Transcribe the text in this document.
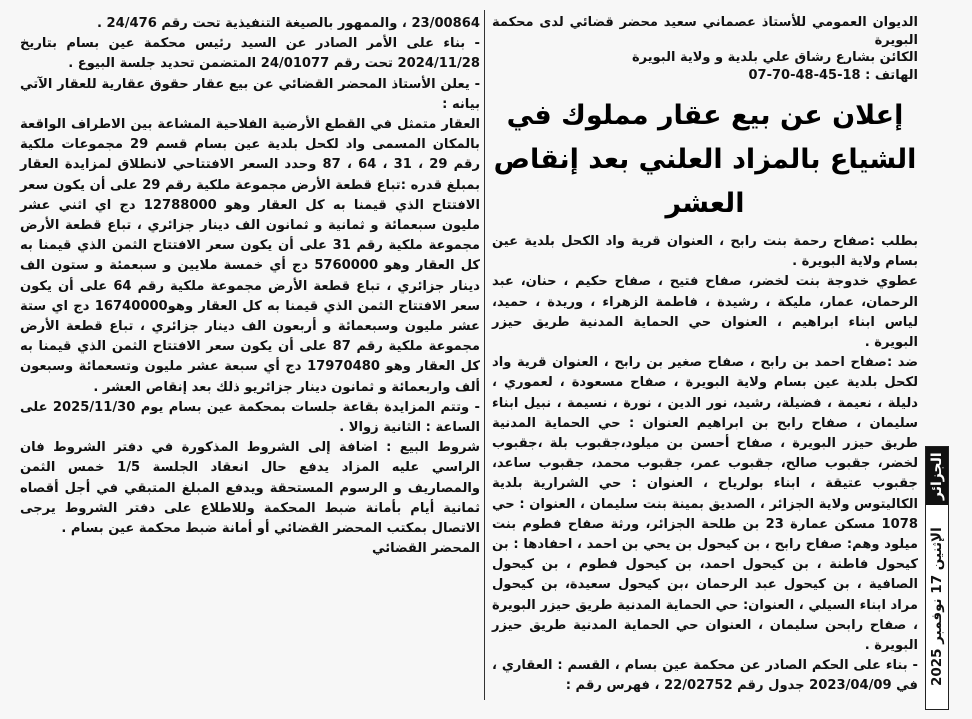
الديوان العمومي للأستاذ عصماني سعيد محضر قضائي لدى محكمة البويرة

الكائن بشارع رشاق علي بلدية و ولاية البويرة

الهاتف : 18-45-48-70-07

إعلان عن بيع عقار مملوك في الشياع بالمزاد العلني بعد إنقاص العشر

بطلب :صفاح رحمة بنت رابح ، العنوان قرية واد الكحل بلدية عين بسام ولاية البويرة .

عطوي خدوجة بنت لخضر، صفاح فتيح ، صفاح حكيم ، حنان، عبد الرحمان، عمار، مليكة ، رشيدة ، فاطمة الزهراء ، وريدة ، حميد، لياس ابناء ابراهيم ، العنوان حي الحماية المدنية طريق حيزر البويرة .

ضد :صفاح احمد بن رابح ، صفاح صغير بن رابح ، العنوان قرية واد لكحل بلدية عين بسام ولاية البويرة ، صفاح مسعودة ، لعموري ، دليلة ، نعيمة ، فضيلة، رشيد، نور الدين ، نورة ، نسيمة ، نبيل ابناء سليمان ، صفاح رابح بن ابراهيم العنوان : حي الحماية المدنية طريق حيزر البويرة ، صفاح أحسن بن ميلود،جقبوب بلة ،جقبوب لخضر، جقبوب صالح، جقبوب عمر، جقبوب محمد، جقبوب ساعد، جقبوب عتيقة ، ابناء بولرياح ، العنوان : حي الشرارية بلدية الكاليتوس ولاية الجزائر ، الصديق بمينة بنت سليمان ، العنوان : حي 1078 مسكن عمارة 23 بن طلحة الجزائر، ورثة صفاح فطوم بنت ميلود وهم: صفاح رابح ، بن كيحول بن يحي بن احمد ، احفادها : بن كيحول فاطنة ، بن كيحول احمد، بن كيحول فطوم ، بن كيحول الصافية ، بن كيحول عبد الرحمان ،بن كيحول سعيدة، بن كيحول مراد ابناء السيلي ، العنوان: حي الحماية المدنية طريق حيزر البويرة ، صفاح رابحن سليمان ، العنوان حي الحماية المدنية طريق حيزر البويرة .

- بناء على الحكم الصادر عن محكمة عين بسام ، القسم : العقاري ، في 2023/04/09 جدول رقم 22/02752 ، فهرس رقم :

23/00864 ، والممهور بالصيغة التنفيذية تحت رقم 24/476 .

- بناء على الأمر الصادر عن السيد رئيس محكمة عين بسام بتاريخ 2024/11/28 تحت رقم 24/01077 المتضمن تحديد جلسة البيوع .

- يعلن الأستاذ المحضر القضائي عن بيع عقار حقوق عقارية للعقار الآتي بيانه :

العقار متمثل في القطع الأرضية الفلاحية المشاعة بين الاطراف الواقعة بالمكان المسمى واد لكحل بلدية عين بسام قسم 29 مجموعات ملكية رقم 29 ، 31 ، 64 ، 87 وحدد السعر الافتتاحي لانطلاق لمزايدة العقار بمبلغ قدره :تباع قطعة الأرض مجموعة ملكية رقم 29 على أن يكون سعر الافتتاح الذي قيمنا به كل العقار وهو 12788000 دج اي اثني عشر مليون سبعمائة و ثمانية و ثمانون الف دينار جزائري ، تباع قطعة الأرض مجموعة ملكية رقم 31 على أن يكون سعر الافتتاح الثمن الذي قيمنا به كل العقار وهو 5760000 دج أي خمسة ملايين و سبعمئة و ستون الف دينار جزائري ، تباع قطعة الأرض مجموعة ملكية رقم 64 على أن يكون سعر الافتتاح الثمن الذي قيمنا به كل العقار وهو16740000 دج اي ستة عشر مليون وسبعمائة و أربعون الف دينار جزائري ، تباع قطعة الأرض مجموعة ملكية رقم 87 على أن يكون سعر الافتتاح الثمن الذي قيمنا به كل العقار وهو 17970480 دج أي سبعة عشر مليون وتسعمائة وسبعون ألف واربعمائة و ثمانون دينار جزائريو ذلك بعد إنقاص العشر .

- وتتم المزايدة بقاعة جلسات بمحكمة عين بسام يوم 2025/11/30 على الساعة : الثانية زوالا .

شروط البيع : اضافة إلى الشروط المذكورة في دفتر الشروط فان الراسي عليه المزاد يدفع حال انعقاد الجلسة 1/5 خمس الثمن والمصاريف و الرسوم المستحقة ويدفع المبلغ المتبقي في أجل أقصاه ثمانية أيام بأمانة ضبط المحكمة وللاطلاع على دفتر الشروط يرجى الاتصال بمكتب المحضر القضائي أو أمانة ضبط محكمة عين بسام .

المحضر القضائي

الجزائر
الإثنين 17 نوفمبر 2025
